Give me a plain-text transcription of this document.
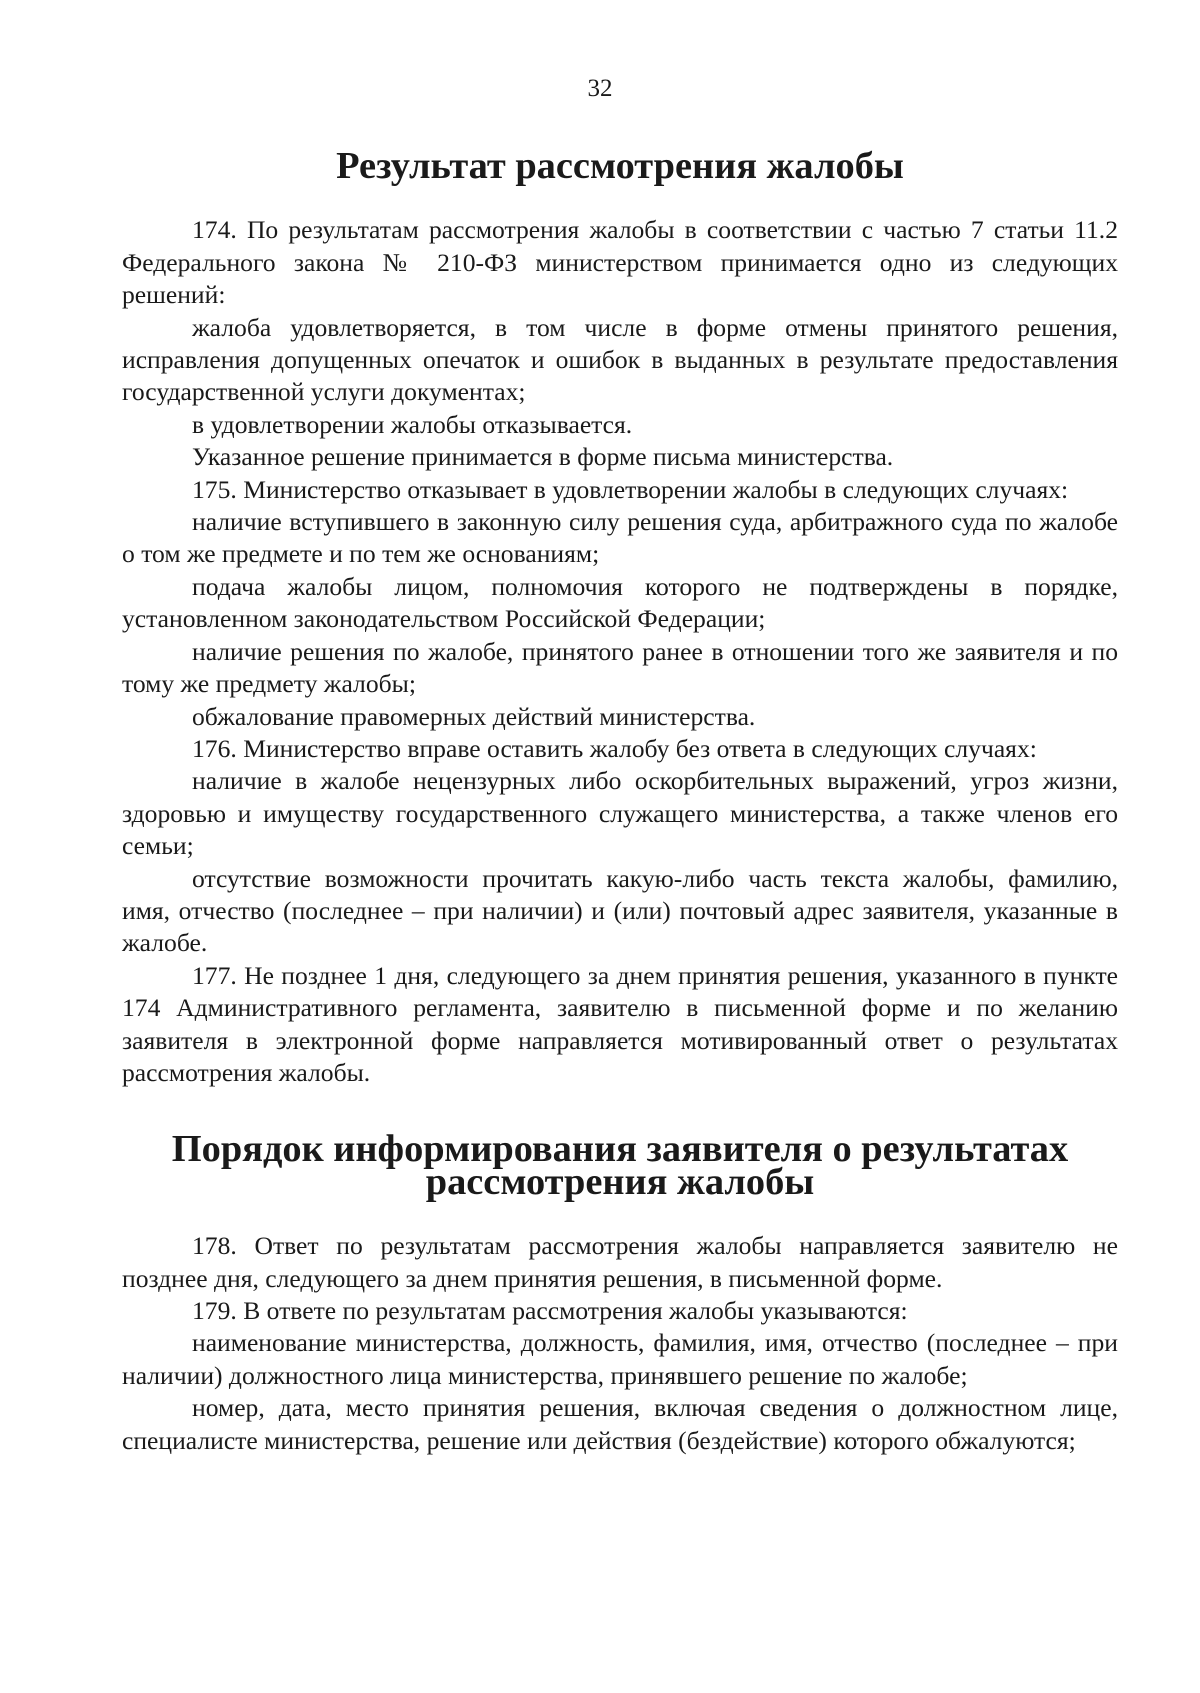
32
Результат рассмотрения жалобы

174. По результатам рассмотрения жалобы в соответствии с частью 7 статьи 11.2 Федерального закона № 210-ФЗ министерством принимается одно из следующих решений:

жалоба удовлетворяется, в том числе в форме отмены принятого решения, исправления допущенных опечаток и ошибок в выданных в результате предоставления государственной услуги документах;

в удовлетворении жалобы отказывается.

Указанное решение принимается в форме письма министерства.

175. Министерство отказывает в удовлетворении жалобы в следующих случаях:

наличие вступившего в законную силу решения суда, арбитражного суда по жалобе о том же предмете и по тем же основаниям;

подача жалобы лицом, полномочия которого не подтверждены в порядке, установленном законодательством Российской Федерации;

наличие решения по жалобе, принятого ранее в отношении того же заявителя и по тому же предмету жалобы;

обжалование правомерных действий министерства.

176. Министерство вправе оставить жалобу без ответа в следующих случаях:

наличие в жалобе нецензурных либо оскорбительных выражений, угроз жизни, здоровью и имуществу государственного служащего министерства, а также членов его семьи;

отсутствие возможности прочитать какую-либо часть текста жалобы, фамилию, имя, отчество (последнее – при наличии) и (или) почтовый адрес заявителя, указанные в жалобе.

177. Не позднее 1 дня, следующего за днем принятия решения, указанного в пункте 174 Административного регламента, заявителю в письменной форме и по желанию заявителя в электронной форме направляется мотивированный ответ о результатах рассмотрения жалобы.

Порядок информирования заявителя о результатах
рассмотрения жалобы

178. Ответ по результатам рассмотрения жалобы направляется заявителю не позднее дня, следующего за днем принятия решения, в письменной форме.

179. В ответе по результатам рассмотрения жалобы указываются:

наименование министерства, должность, фамилия, имя, отчество (последнее – при наличии) должностного лица министерства, принявшего решение по жалобе;

номер, дата, место принятия решения, включая сведения о должностном лице, специалисте министерства, решение или действия (бездействие) которого обжалуются;
